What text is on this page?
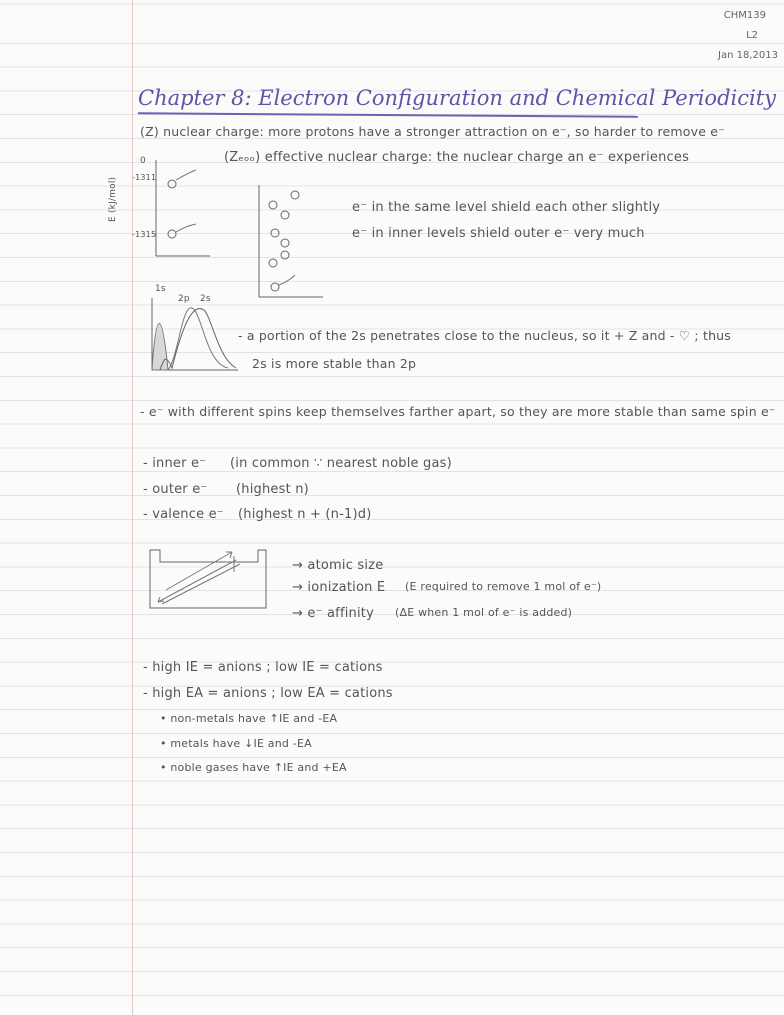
CHM139
L2
Jan 18,2013
Chapter 8: Electron Configuration and Chemical Periodicity
(Z) nuclear charge: more protons have a stronger attraction on e⁻, so harder to remove e⁻
(Zₑₒₒ) effective nuclear charge: the nuclear charge an e⁻ experiences
E (kJ/mol)
0
-1311
-1315
e⁻ in the same level shield each other slightly
e⁻ in inner levels shield outer e⁻ very much
1s
2p 2s
- a portion of the 2s penetrates close to the nucleus, so it + Z and - ♡ ; thus
2s is more stable than 2p
- e⁻ with different spins keep themselves farther apart, so they are more stable than same spin e⁻
- inner e⁻ (in common ∵ nearest noble gas)
- outer e⁻ (highest n)
- valence e⁻ (highest n + (n-1)d)
→ atomic size
→ ionization E (E required to remove 1 mol of e⁻)
→ e⁻ affinity (ΔE when 1 mol of e⁻ is added)
- high IE = anions ; low IE = cations
- high EA = anions ; low EA = cations
• non-metals have ↑IE and -EA
• metals have ↓IE and -EA
• noble gases have ↑IE and +EA
